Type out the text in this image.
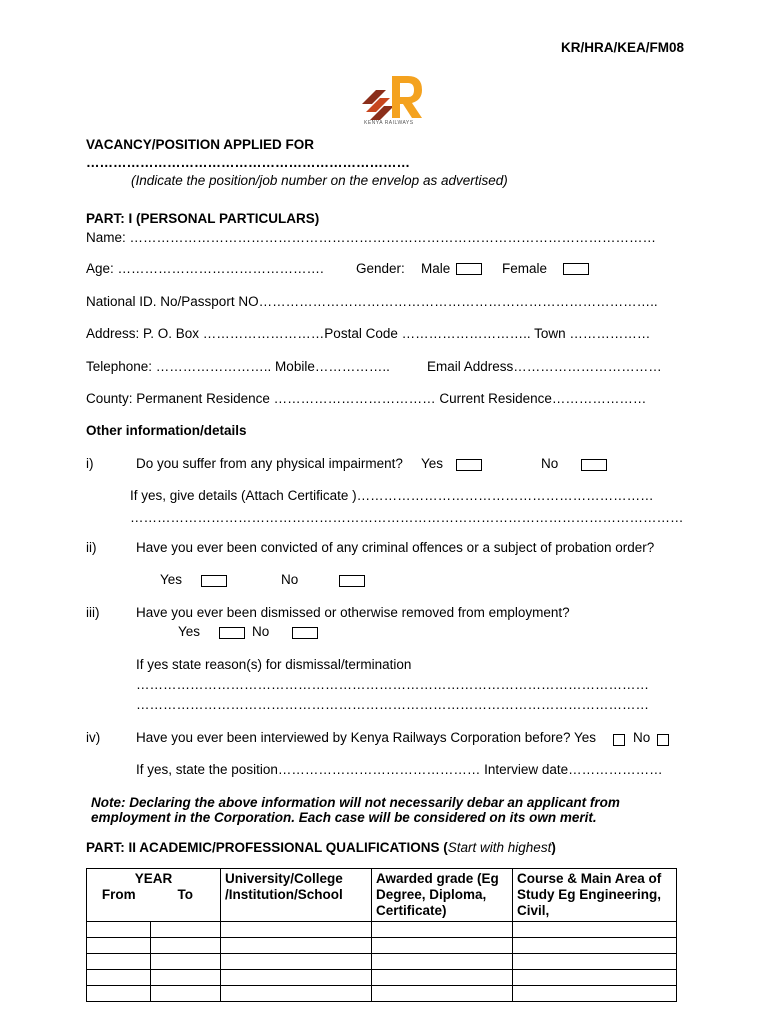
KR/HRA/KEA/FM08
KENYA RAILWAYS
VACANCY/POSITION APPLIED FOR
………………………………………………………………
(Indicate the position/job number on the envelop as advertised)
PART: I (PERSONAL PARTICULARS)
Name: ………………………………………………………………………………………………………
Age: ………………………………………. Gender: Male	Female
National ID. No/Passport NO……………………………………………………………………………..
Address: P. O. Box ………………………Postal Code ……………………….. Town ………………
Telephone: …………………….. Mobile……………..	Email Address……………………………
County: Permanent Residence ……………………………… Current Residence…………………
Other information/details
i)	Do you suffer from any physical impairment? Yes	No
If yes, give details (Attach Certificate )…………………………………………………………
……………………………………………………………………………………………………………
ii)	Have you ever been convicted of any criminal offences or a subject of probation order?
Yes	No
iii)	Have you ever been dismissed or otherwise removed from employment?
Yes	No
If yes state reason(s) for dismissal/termination
……………………………………………………………………………………………………
……………………………………………………………………………………………………
iv)	Have you ever been interviewed by Kenya Railways Corporation before? Yes	No
If yes, state the position……………………………………… Interview date…………………
Note: Declaring the above information will not necessarily debar an applicant from
employment in the Corporation. Each case will be considered on its own merit.
PART: II ACADEMIC/PROFESSIONAL QUALIFICATIONS (Start with highest)
YEAR
From To		University/College /Institution/School	Awarded grade (Eg Degree, Diploma, Certificate)	Course & Main Area of Study Eg Engineering, Civil,
